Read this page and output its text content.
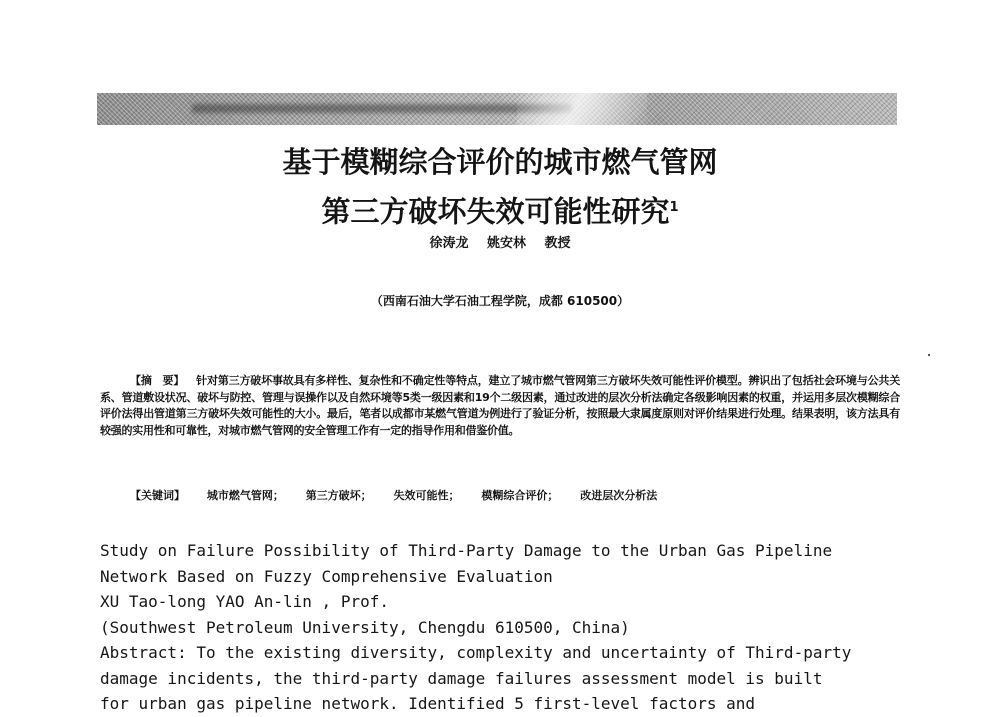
基于模糊综合评价的城市燃气管网
第三方破坏失效可能性研究$^1$
徐涛龙 姚安林 教授
（西南石油大学石油工程学院，成都 610500）

【摘　要】 针对第三方破坏事故具有多样性、复杂性和不确定性等特点，建立了城市燃气管网第三方破坏失效可能性评价模型。辨识出了包括社会环境与公共关系、管道敷设状况、破坏与防控、管理与误操作以及自然环境等5类一级因素和19个二级因素，通过改进的层次分析法确定各级影响因素的权重，并运用多层次模糊综合评价法得出管道第三方破坏失效可能性的大小。最后，笔者以成都市某燃气管道为例进行了验证分析，按照最大隶属度原则对评价结果进行处理。结果表明，该方法具有较强的实用性和可靠性，对城市燃气管网的安全管理工作有一定的指导作用和借鉴价值。

【关键词】 城市燃气管网； 第三方破坏； 失效可能性； 模糊综合评价； 改进层次分析法
Study on Failure Possibility of Third-Party Damage to the Urban Gas Pipeline
Network Based on Fuzzy Comprehensive Evaluation
XU Tao-long YAO An-lin , Prof.
(Southwest Petroleum University, Chengdu 610500, China)
Abstract: To the existing diversity, complexity and uncertainty of Third-party
damage incidents, the third-party damage failures assessment model is built
for urban gas pipeline network. Identified 5 first-level factors and
